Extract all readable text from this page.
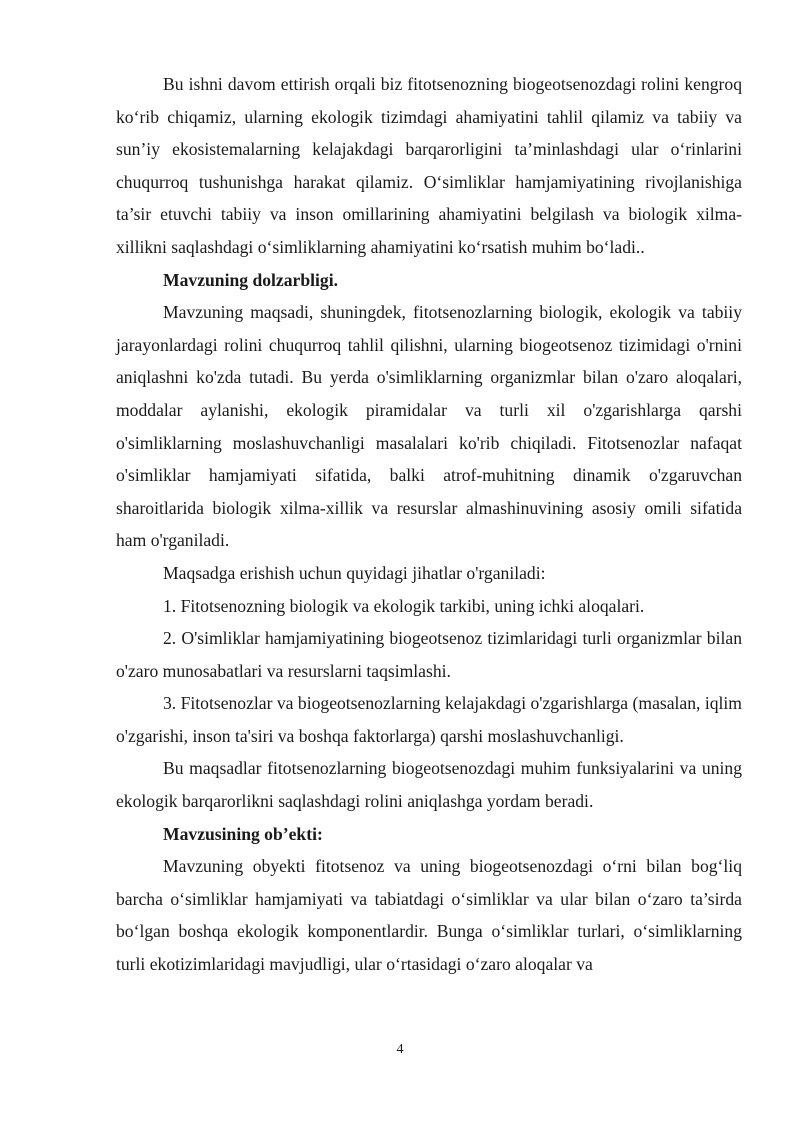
Bu ishni davom ettirish orqali biz fitotsenozning biogeotsenozdagi rolini kengroq ko‘rib chiqamiz, ularning ekologik tizimdagi ahamiyatini tahlil qilamiz va tabiiy va sun’iy ekosistemalarning kelajakdagi barqarorligini ta’minlashdagi ular o‘rinlarini chuqurroq tushunishga harakat qilamiz. O‘simliklar hamjamiyatining rivojlanishiga ta’sir etuvchi tabiiy va inson omillarining ahamiyatini belgilash va biologik xilma-xillikni saqlashdagi o‘simliklarning ahamiyatini ko‘rsatish muhim bo‘ladi..

Mavzuning dolzarbligi.

Mavzuning maqsadi, shuningdek, fitotsenozlarning biologik, ekologik va tabiiy jarayonlardagi rolini chuqurroq tahlil qilishni, ularning biogeotsenoz tizimidagi o'rnini aniqlashni ko'zda tutadi. Bu yerda o'simliklarning organizmlar bilan o'zaro aloqalari, moddalar aylanishi, ekologik piramidalar va turli xil o'zgarishlarga qarshi o'simliklarning moslashuvchanligi masalalari ko'rib chiqiladi. Fitotsenozlar nafaqat o'simliklar hamjamiyati sifatida, balki atrof-muhitning dinamik o'zgaruvchan sharoitlarida biologik xilma-xillik va resurslar almashinuvining asosiy omili sifatida ham o'rganiladi.

Maqsadga erishish uchun quyidagi jihatlar o'rganiladi:

1. Fitotsenozning biologik va ekologik tarkibi, uning ichki aloqalari.

2. O'simliklar hamjamiyatining biogeotsenoz tizimlaridagi turli organizmlar bilan o'zaro munosabatlari va resurslarni taqsimlashi.

3. Fitotsenozlar va biogeotsenozlarning kelajakdagi o'zgarishlarga (masalan, iqlim o'zgarishi, inson ta'siri va boshqa faktorlarga) qarshi moslashuvchanligi.

Bu maqsadlar fitotsenozlarning biogeotsenozdagi muhim funksiyalarini va uning ekologik barqarorlikni saqlashdagi rolini aniqlashga yordam beradi.

Mavzusining ob’ekti:

Mavzuning obyekti fitotsenoz va uning biogeotsenozdagi o‘rni bilan bog‘liq barcha o‘simliklar hamjamiyati va tabiatdagi o‘simliklar va ular bilan o‘zaro ta’sirda bo‘lgan boshqa ekologik komponentlardir. Bunga o‘simliklar turlari, o‘simliklarning turli ekotizimlaridagi mavjudligi, ular o‘rtasidagi o‘zaro aloqalar va

4
